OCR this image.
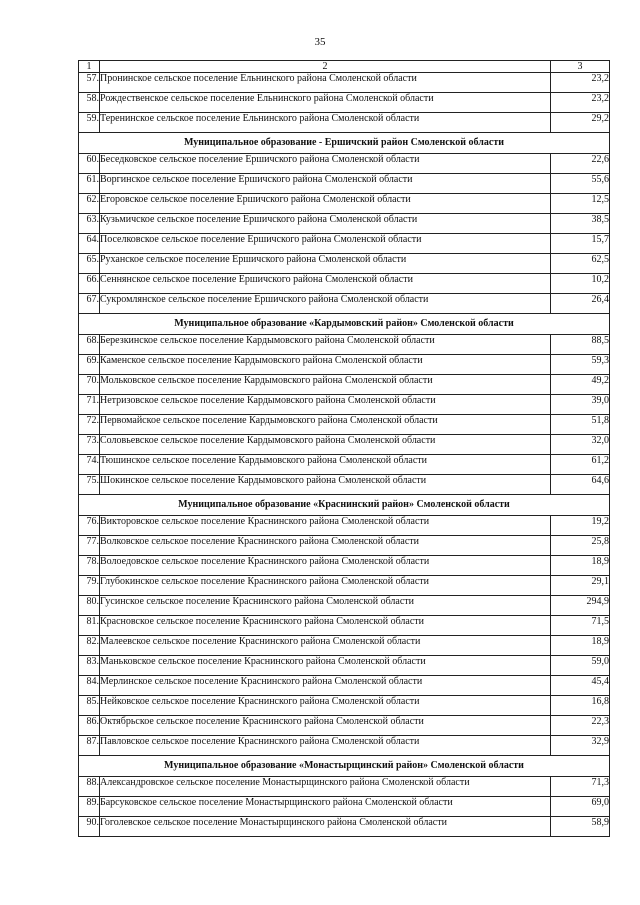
35
1	2	3
57.	Пронинское сельское поселение Ельнинского района Смоленской области	23,2
58.	Рождественское сельское поселение Ельнинского района Смоленской области	23,2
59.	Теренинское сельское поселение Ельнинского района Смоленской области	29,2
Муниципальное образование - Ершичский район Смоленской области		
60.	Беседковское сельское поселение Ершичского района Смоленской области	22,6
61.	Воргинское сельское поселение Ершичского района Смоленской области	55,6
62.	Егоровское сельское поселение Ершичского района Смоленской области	12,5
63.	Кузьмичское сельское поселение Ершичского района Смоленской области	38,5
64.	Поселковское сельское поселение Ершичского района Смоленской области	15,7
65.	Руханское сельское поселение Ершичского района Смоленской области	62,5
66.	Сеннянское сельское поселение Ершичского района Смоленской области	10,2
67.	Сукромлянское сельское поселение Ершичского района Смоленской области	26,4
Муниципальное образование «Кардымовский район» Смоленской области		
68.	Березкинское сельское поселение Кардымовского района Смоленской области	88,5
69.	Каменское сельское поселение Кардымовского района Смоленской области	59,3
70.	Мольковское сельское поселение Кардымовского района Смоленской области	49,2
71.	Нетризовское сельское поселение Кардымовского района Смоленской области	39,0
72.	Первомайское сельское поселение Кардымовского района Смоленской области	51,8
73.	Соловьевское сельское поселение Кардымовского района Смоленской области	32,0
74.	Тюшинское сельское поселение Кардымовского района Смоленской области	61,2
75.	Шокинское сельское поселение Кардымовского района Смоленской области	64,6
Муниципальное образование «Краснинский район» Смоленской области		
76.	Викторовское сельское поселение Краснинского района Смоленской области	19,2
77.	Волковское сельское поселение Краснинского района Смоленской области	25,8
78.	Волоедовское сельское поселение Краснинского района Смоленской области	18,9
79.	Глубокинское сельское поселение Краснинского района Смоленской области	29,1
80.	Гусинское сельское поселение Краснинского района Смоленской области	294,9
81.	Красновское сельское поселение Краснинского района Смоленской области	71,5
82.	Малеевское сельское поселение Краснинского района Смоленской области	18,9
83.	Маньковское сельское поселение Краснинского района Смоленской области	59,0
84.	Мерлинское сельское поселение Краснинского района Смоленской области	45,4
85.	Нейковское сельское поселение Краснинского района Смоленской области	16,8
86.	Октябрьское сельское поселение Краснинского района Смоленской области	22,3
87.	Павловское сельское поселение Краснинского района Смоленской области	32,9
Муниципальное образование «Монастырщинский район» Смоленской области		
88.	Александровское сельское поселение Монастырщинского района Смоленской области	71,3
89.	Барсуковское сельское поселение Монастырщинского района Смоленской области	69,0
90.	Гоголевское сельское поселение Монастырщинского района Смоленской области	58,9
